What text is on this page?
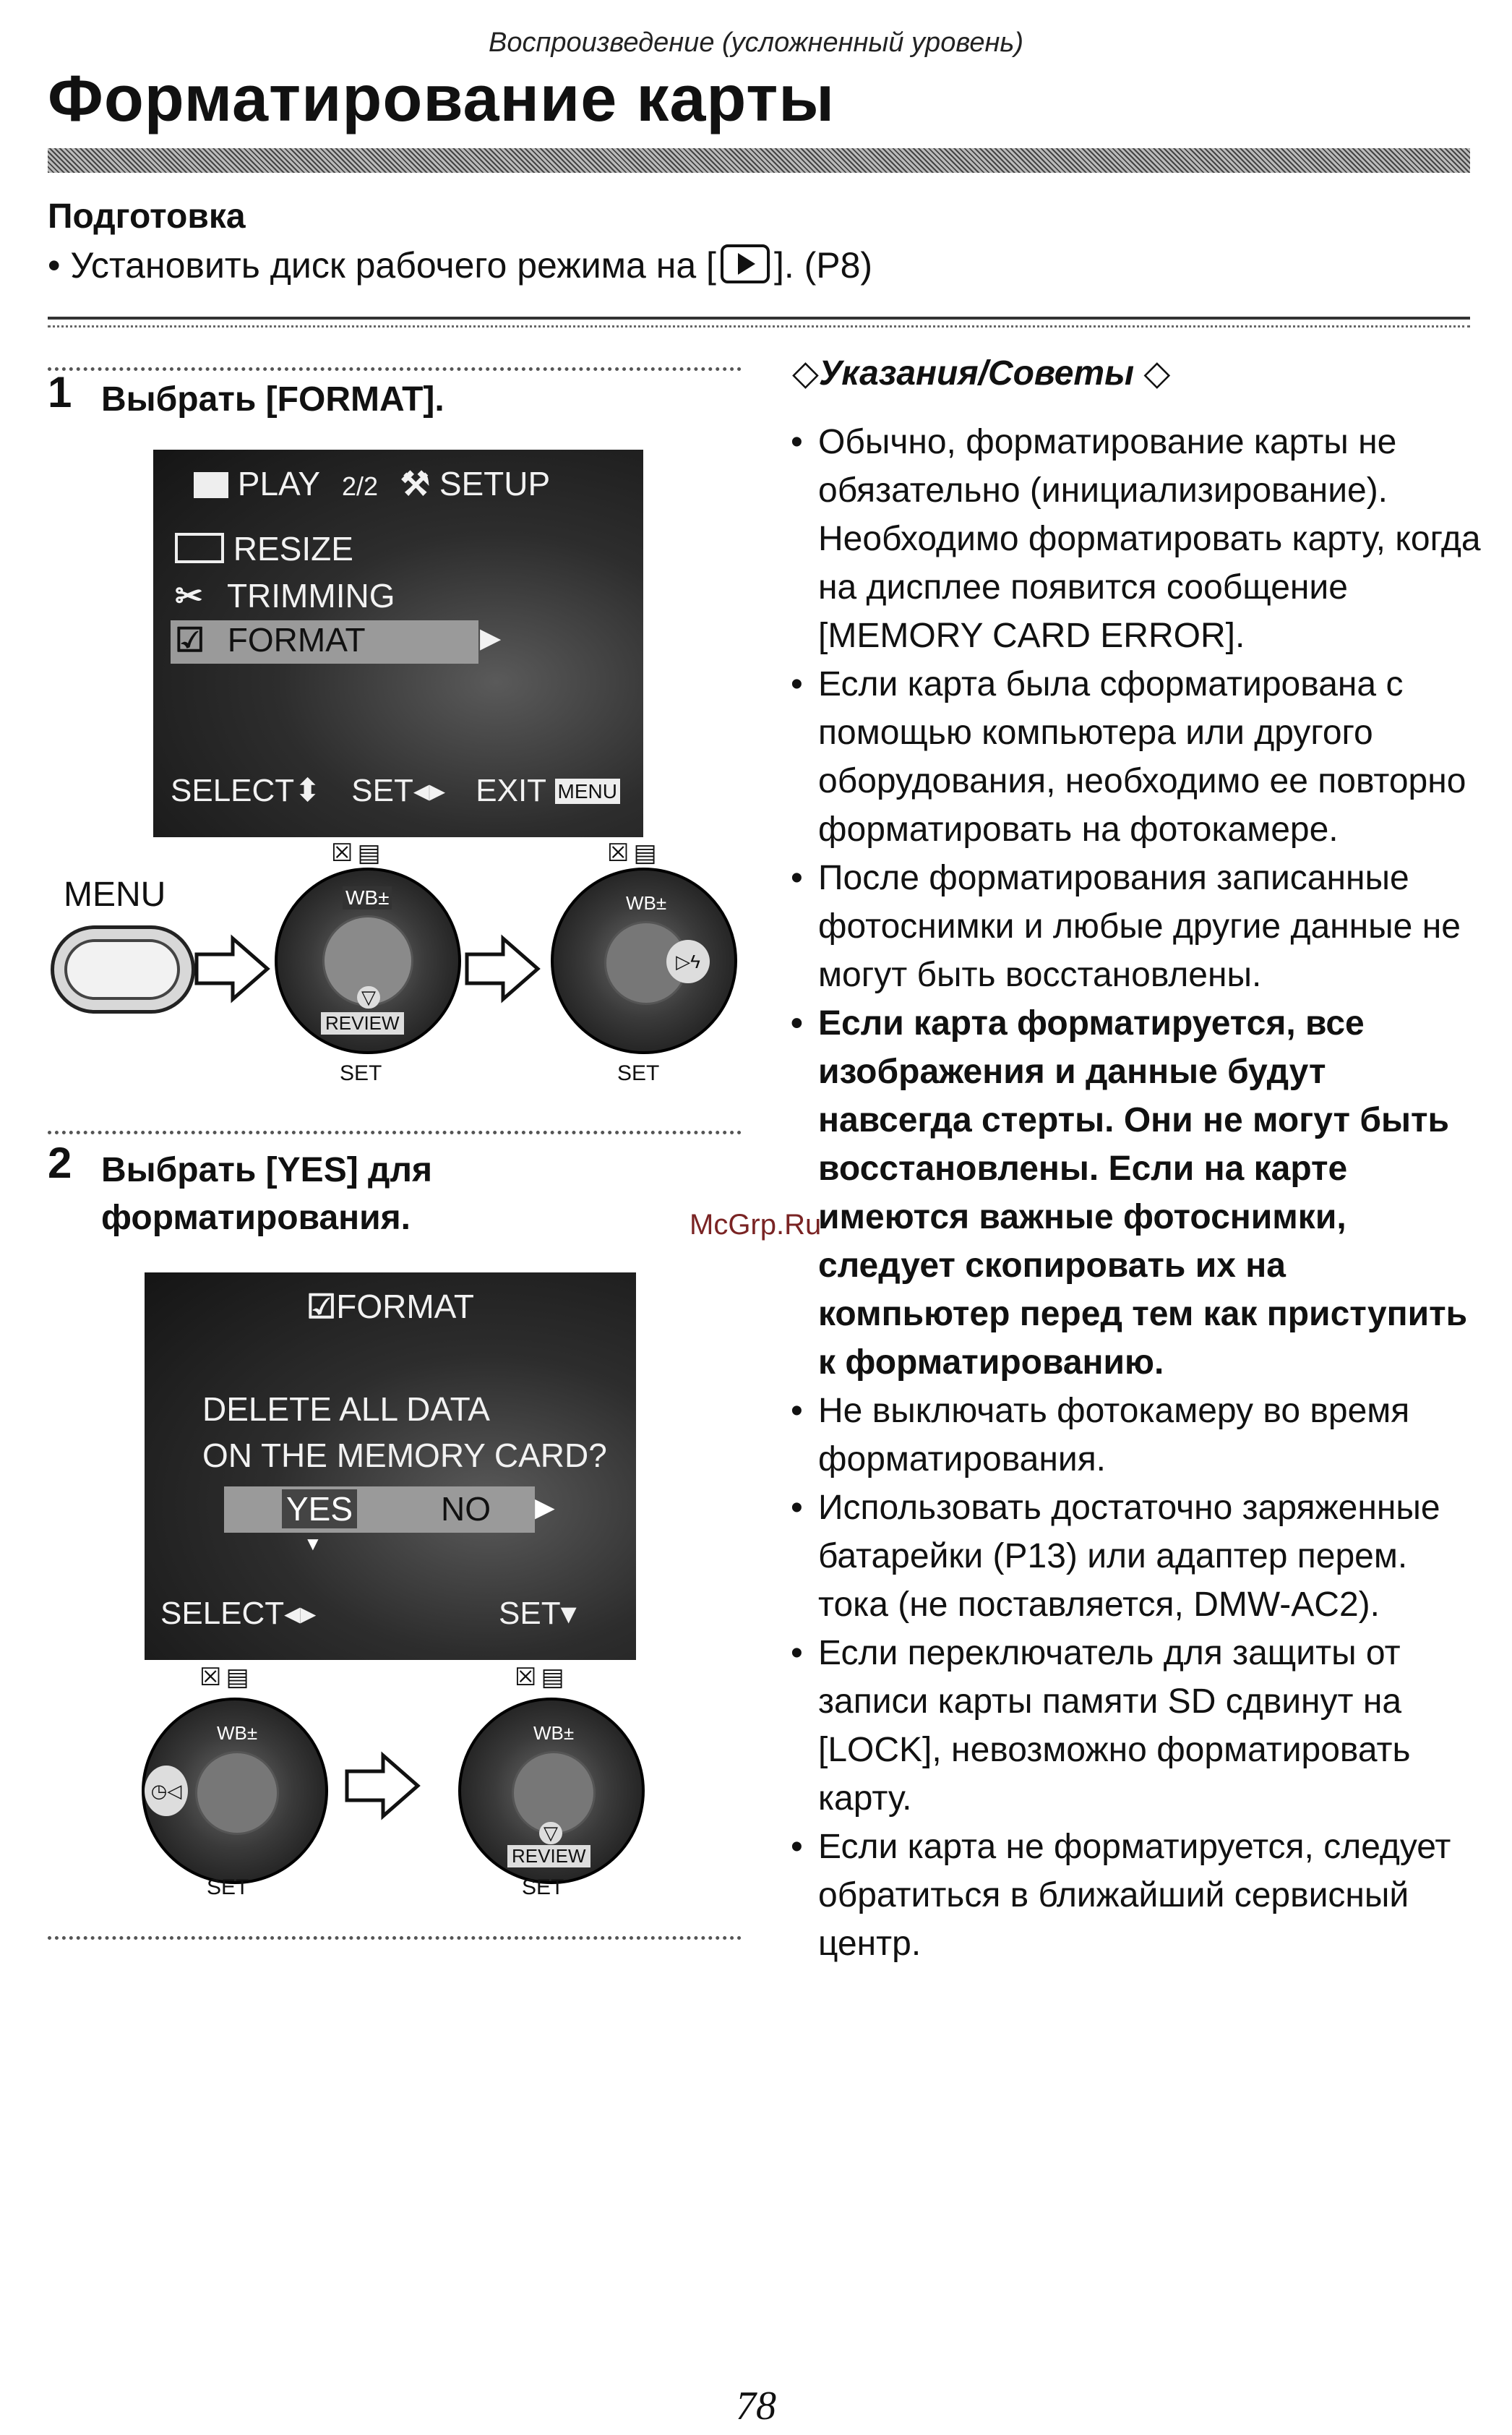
Воспроизведение (усложненный уровень)
Форматирование карты
Подготовка
• Установить диск рабочего режима на [ ]. (P8)
1 Выбрать [FORMAT].
PLAY 2/2 ⚒ SETUP
RESIZE
✂ TRIMMING
☑ FORMAT	▶
SELECT⬍ SET◂▸ EXIT MENU
☒▤	☒▤
MENU	WB±
▽
REVIEW
WB±
▷ϟ
SET	SET
2 Выбрать [YES] для
форматирования.
☑FORMAT
DELETE ALL DATA
ON THE MEMORY CARD?
YES	NO ▶
▼
SELECT◂▸	SET▾
☒▤	☒▤
WB±
◷◁
WB±
▽
REVIEW
SET	SET
McGrp.Ru
◇Указания/Советы ◇
• Обычно, форматирование карты не обязательно (инициализирование). Необходимо форматировать карту, когда на дисплее появится сообщение [MEMORY CARD ERROR].
• Если карта была сформатирована с помощью компьютера или другого оборудования, необходимо ее повторно форматировать на фотокамере.
• После форматирования записанные фотоснимки и любые другие данные не могут быть восстановлены.
• Если карта форматируется, все изображения и данные будут навсегда стерты. Они не могут быть восстановлены. Если на карте имеются важные фотоснимки, следует скопировать их на компьютер перед тем как приступить к форматированию.
• Не выключать фотокамеру во время форматирования.
• Использовать достаточно заряженные батарейки (P13) или адаптер перем. тока (не поставляется, DMW-AC2).
• Если переключатель для защиты от записи карты памяти SD сдвинут на [LOCK], невозможно форматировать карту.
• Если карта не форматируется, следует обратиться в ближайший сервисный центр.
78
